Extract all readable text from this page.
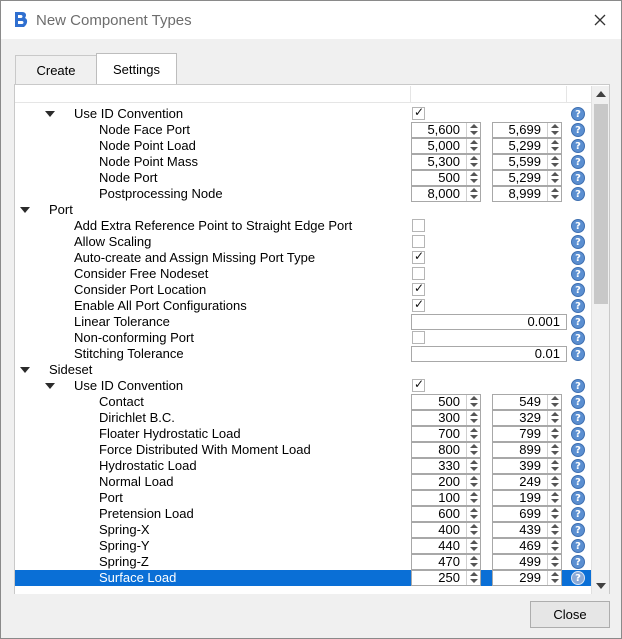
New Component Types
Create	Settings
Use ID Convention ✓	?
Node Face Port	5,600	5,699	?
Node Point Load	5,000	5,299	?
Node Point Mass	5,300	5,599	?
Node Port	500	5,299	?
Postprocessing Node	8,000	8,999	?
Port
Add Extra Reference Point to Straight Edge Port	?
Allow Scaling	?
Auto-create and Assign Missing Port Type ✓	?
Consider Free Nodeset	?
Consider Port Location ✓	?
Enable All Port Configurations ✓	?
Linear Tolerance	0.001	?
Non-conforming Port	?
Stitching Tolerance	0.01	?
Sideset
Use ID Convention ✓	?
Contact	500	549	?
Dirichlet B.C.	300	329	?
Floater Hydrostatic Load	700	799	?
Force Distributed With Moment Load	800	899	?
Hydrostatic Load	330	399	?
Normal Load	200	249	?
Port	100	199	?
Pretension Load	600	699	?
Spring-X	400	439	?
Spring-Y	440	469	?
Spring-Z	470	499	?
Surface Load	250	299	?
Close
